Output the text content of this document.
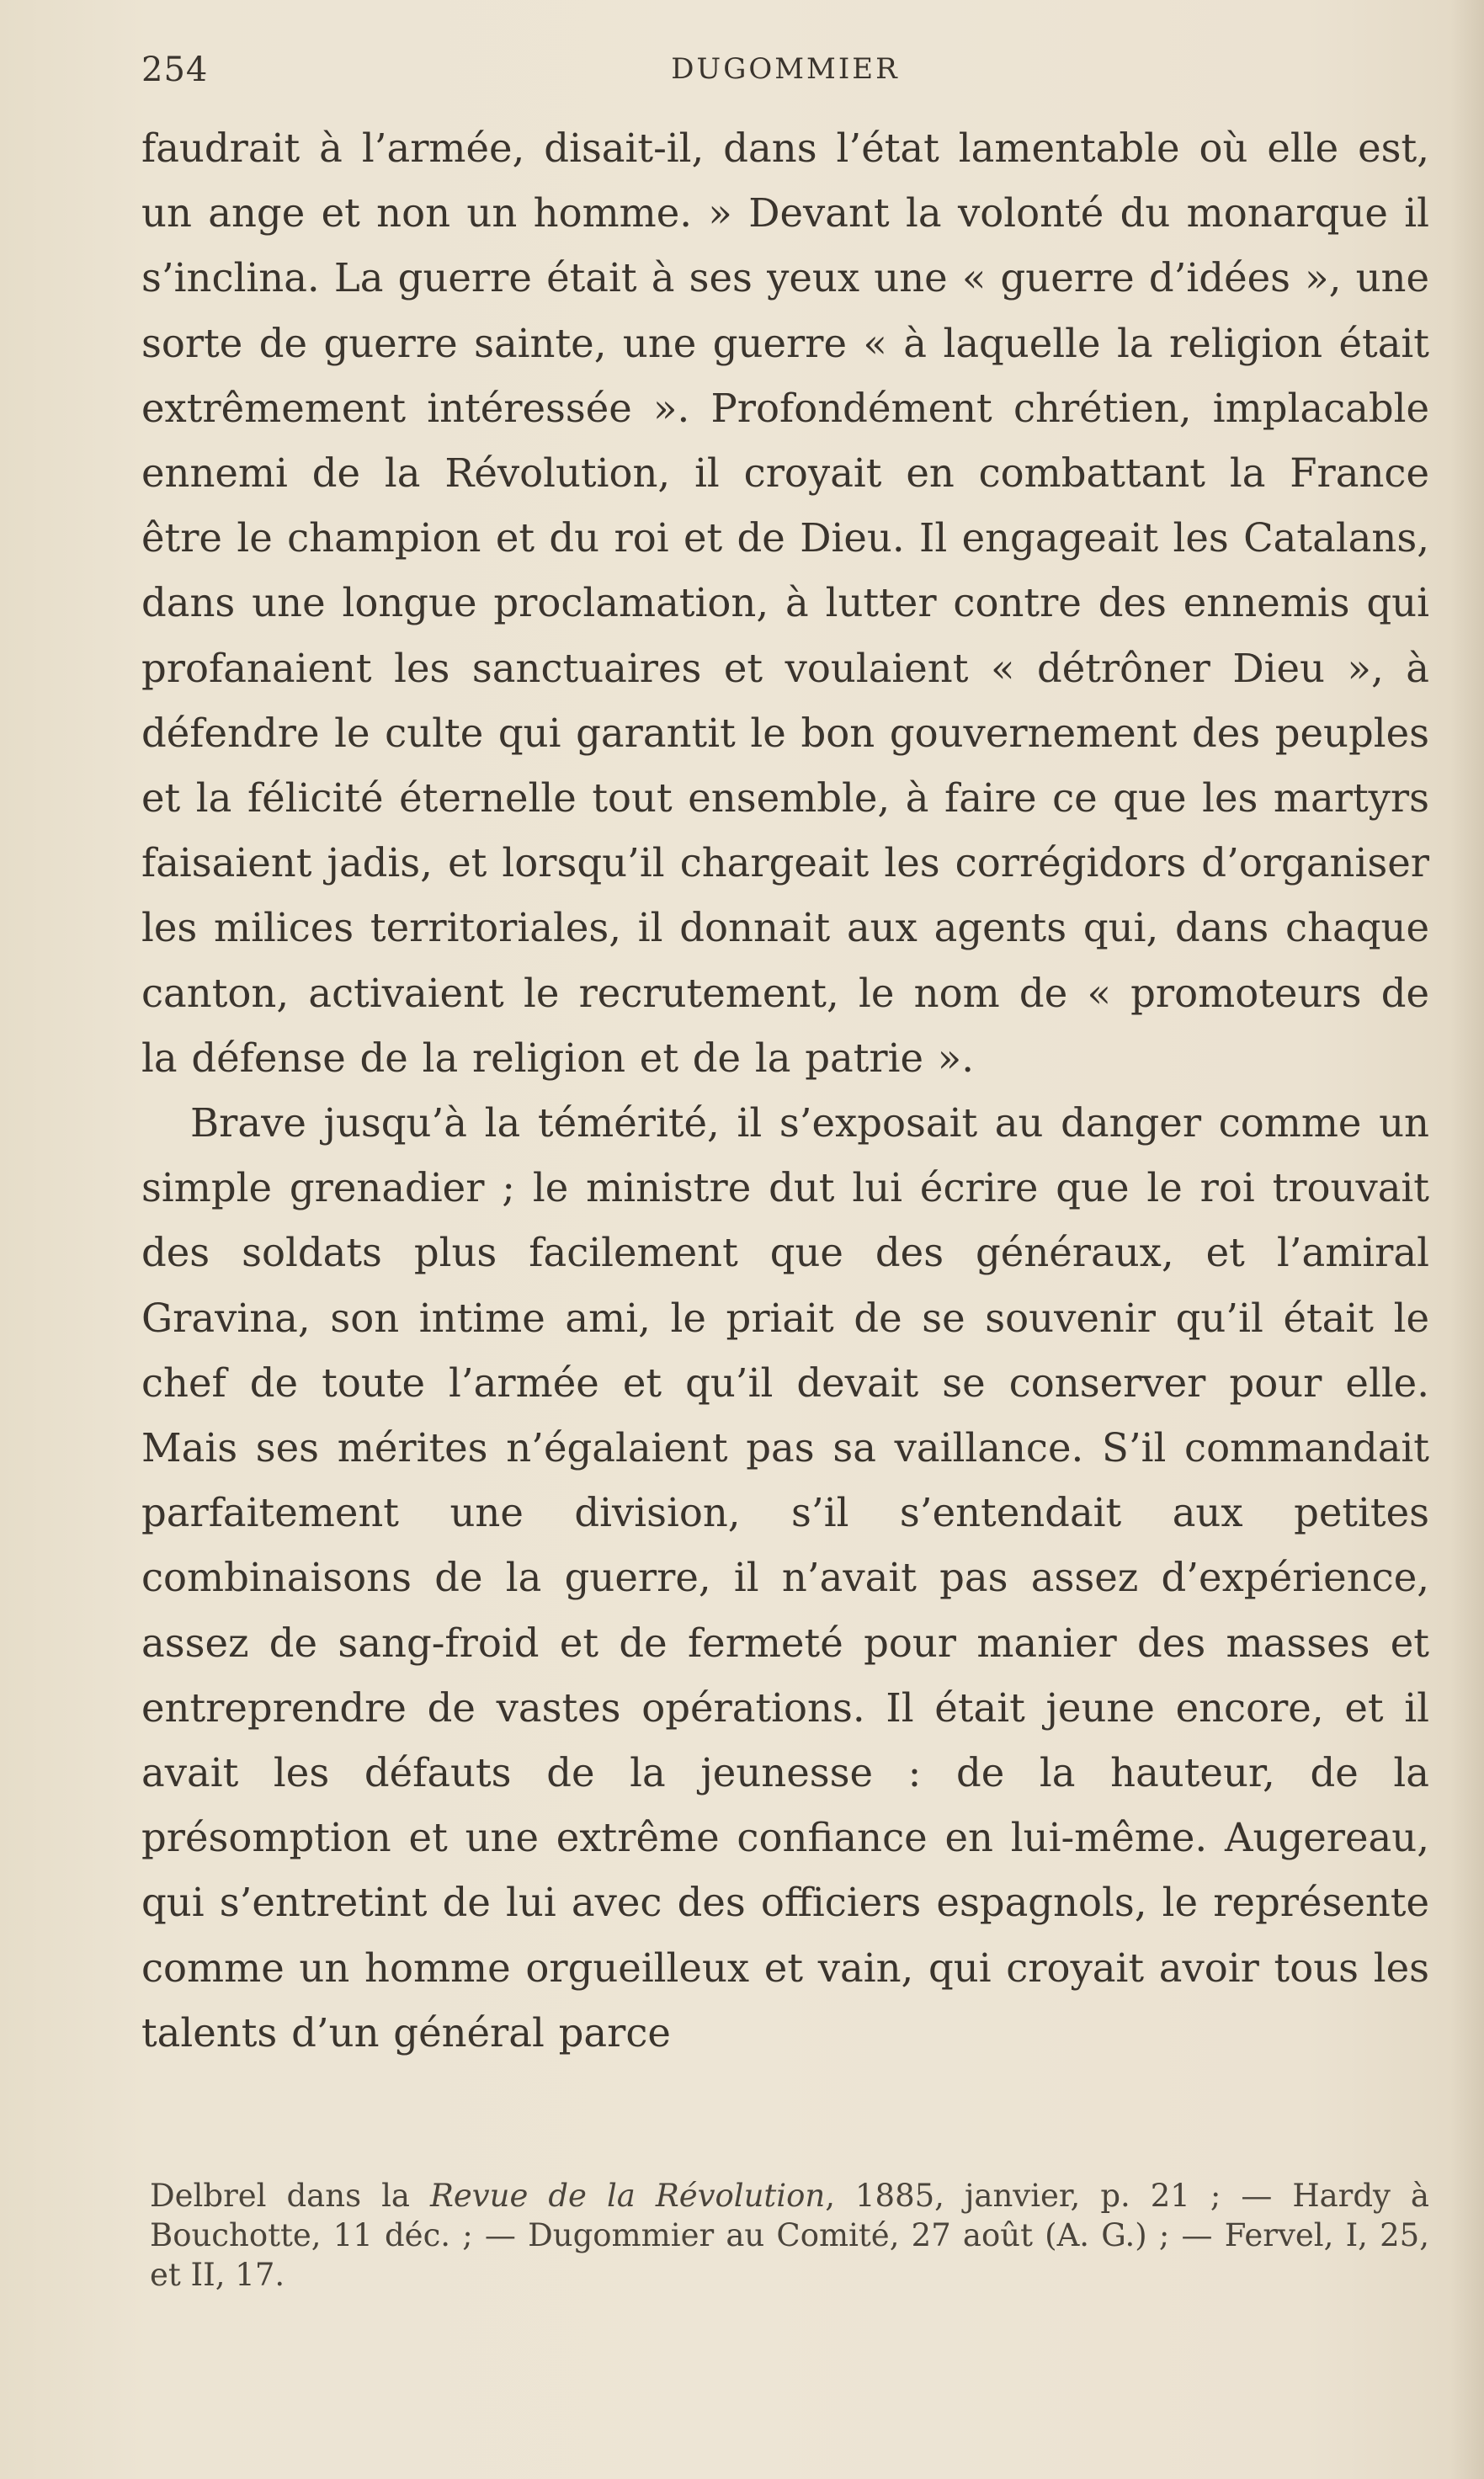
254	DUGOMMIER

faudrait à l’armée, disait-il, dans l’état lamentable où elle est, un ange et non un homme. » Devant la volonté du monarque il s’inclina. La guerre était à ses yeux une « guerre d’idées », une sorte de guerre sainte, une guerre « à laquelle la religion était extrêmement intéressée ». Profondément chrétien, implacable ennemi de la Révolution, il croyait en combattant la France être le champion et du roi et de Dieu. Il engageait les Catalans, dans une longue proclamation, à lutter contre des ennemis qui profanaient les sanctuaires et voulaient « détrôner Dieu », à défendre le culte qui garantit le bon gouvernement des peuples et la félicité éternelle tout ensemble, à faire ce que les martyrs faisaient jadis, et lorsqu’il chargeait les corrégidors d’organiser les milices territoriales, il donnait aux agents qui, dans chaque canton, activaient le recrutement, le nom de « promoteurs de la défense de la religion et de la patrie ».

Brave jusqu’à la témérité, il s’exposait au danger comme un simple grenadier ; le ministre dut lui écrire que le roi trouvait des soldats plus facilement que des généraux, et l’amiral Gravina, son intime ami, le priait de se souvenir qu’il était le chef de toute l’armée et qu’il devait se conserver pour elle. Mais ses mérites n’égalaient pas sa vaillance. S’il commandait parfaitement une division, s’il s’entendait aux petites combinaisons de la guerre, il n’avait pas assez d’expérience, assez de sang-froid et de fermeté pour manier des masses et entreprendre de vastes opérations. Il était jeune encore, et il avait les défauts de la jeunesse : de la hauteur, de la présomption et une extrême confiance en lui-même. Augereau, qui s’entretint de lui avec des officiers espagnols, le représente comme un homme orgueilleux et vain, qui croyait avoir tous les talents d’un général parce

Delbrel dans la Revue de la Révolution, 1885, janvier, p. 21 ; — Hardy à Bouchotte, 11 déc. ; — Dugommier au Comité, 27 août (A. G.) ; — Fervel, I, 25, et II, 17.
